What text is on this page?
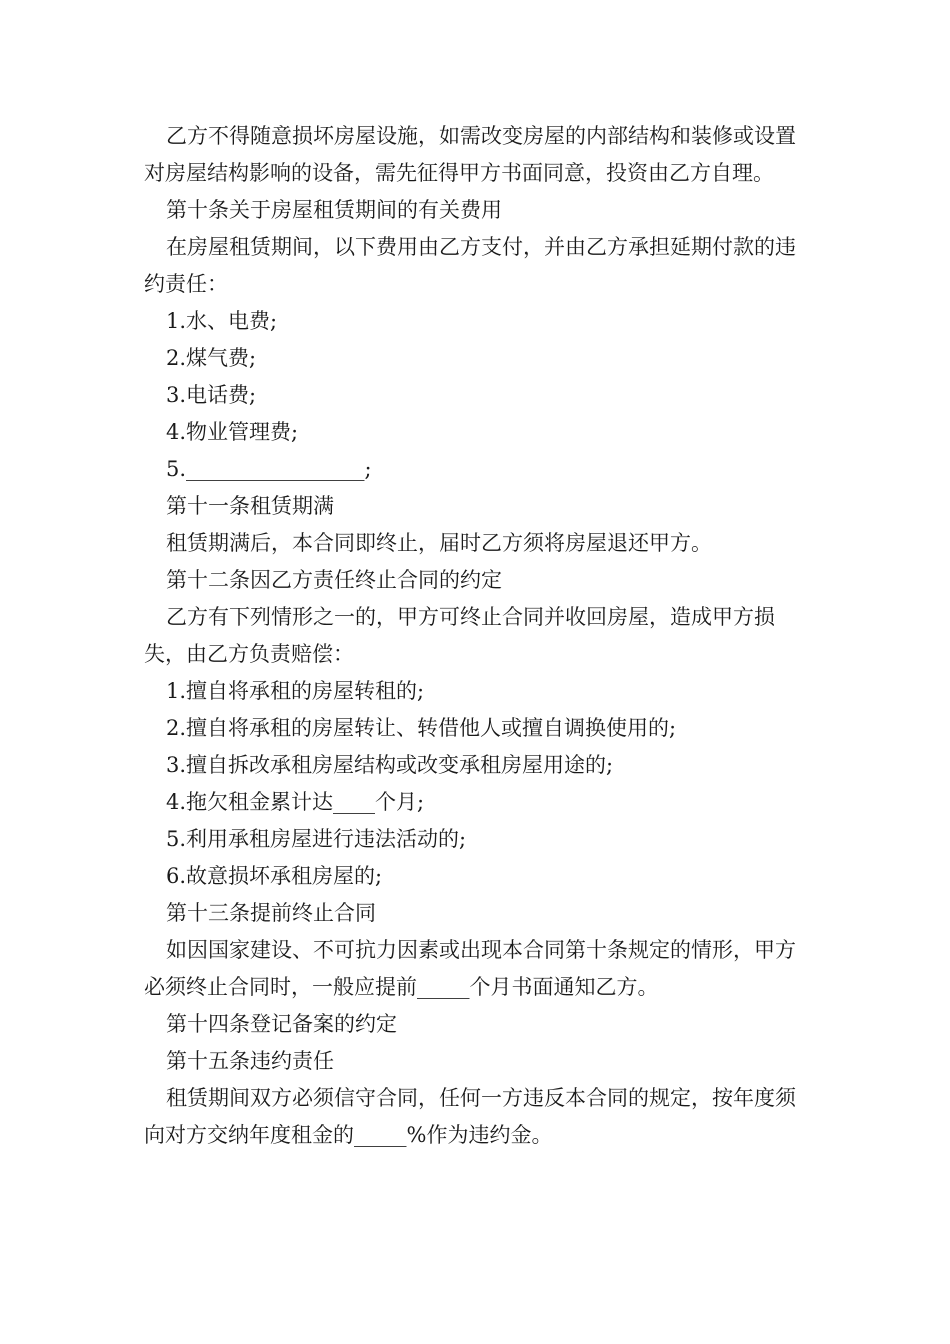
乙方不得随意损坏房屋设施，如需改变房屋的内部结构和装修或设置对房屋结构影响的设备，需先征得甲方书面同意，投资由乙方自理。

第十条关于房屋租赁期间的有关费用

在房屋租赁期间，以下费用由乙方支付，并由乙方承担延期付款的违约责任：

1.水、电费;

2.煤气费;

3.电话费;

4.物业管理费;

5._________________;

第十一条租赁期满

租赁期满后，本合同即终止，届时乙方须将房屋退还甲方。

第十二条因乙方责任终止合同的约定

乙方有下列情形之一的，甲方可终止合同并收回房屋，造成甲方损失，由乙方负责赔偿：

1.擅自将承租的房屋转租的;

2.擅自将承租的房屋转让、转借他人或擅自调换使用的;

3.擅自拆改承租房屋结构或改变承租房屋用途的;

4.拖欠租金累计达____个月;

5.利用承租房屋进行违法活动的;

6.故意损坏承租房屋的;

第十三条提前终止合同

如因国家建设、不可抗力因素或出现本合同第十条规定的情形，甲方必须终止合同时，一般应提前_____个月书面通知乙方。

第十四条登记备案的约定

第十五条违约责任

租赁期间双方必须信守合同，任何一方违反本合同的规定，按年度须向对方交纳年度租金的_____%作为违约金。
